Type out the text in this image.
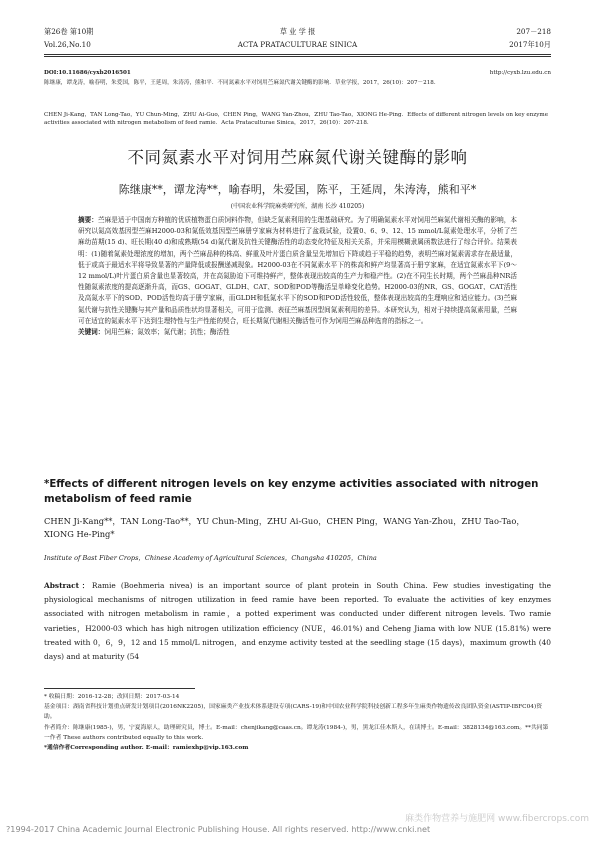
第26卷 第10期	草 业 学 报	207－218
Vol.26,No.10	ACTA PRATACULTURAE SINICA	2017年10月
DOI:10.11686/cyxb2016501	http://cyxb.lzu.edu.cn
陈继康，谭龙涛，喻春明，朱爱国，陈平，王延周，朱涛涛，熊和平．不同氮素水平对饲用苎麻氮代谢关键酶的影响．草业学报，2017，26(10)：207－218.
CHEN Ji-Kang，TAN Long-Tao，YU Chun-Ming，ZHU Ai-Guo，CHEN Ping，WANG Yan-Zhou，ZHU Tao-Tao，XIONG He-Ping．Effects of different nitrogen levels on key enzyme activities associated with nitrogen metabolism of feed ramie．Acta Prataculturae Sinica，2017，26(10)：207-218.
不同氮素水平对饲用苎麻氮代谢关键酶的影响
陈继康**，谭龙涛**，喻春明，朱爱国，陈平，王延周，朱涛涛，熊和平*
(中国农业科学院麻类研究所，湖南 长沙 410205)
摘要：苎麻是适于中国南方种植的优质植物蛋白质饲料作物，但缺乏氮素利用的生理基础研究。为了明确氮素水平对饲用苎麻氮代谢相关酶的影响，本研究以氮高效基因型苎麻H2000-03和氮低效基因型苎麻册亨家麻为材料进行了盆栽试验，设置0、6、9、12、15 mmol/L氮素处理水平，分析了苎麻幼苗期(15 d)、旺长期(40 d)和成熟期(54 d)氮代谢及抗性关键酶活性的动态变化特征及相关关系，并采用模糊隶属函数法进行了综合评价。结果表明：(1)随着氮素处理浓度的增加，两个苎麻品种的株高、鲜重及叶片蛋白质含量呈先增加后下降或趋于平稳的趋势，表明苎麻对氮素需求存在最适量，低于或高于最适水平将导致显著的产量降低或报酬递减现象。H2000-03在不同氮素水平下的株高和鲜产均显著高于册亨家麻，在适宜氮素水平下(9～12 mmol/L)叶片蛋白质含量也显著较高，并在高氮胁迫下可维持鲜产，整体表现出较高的生产力和稳产性。(2)在不同生长时期，两个苎麻品种NR活性随氮素浓度的提高逐渐升高，而GS、GOGAT、GLDH、CAT、SOD和POD等酶活呈单峰变化趋势。H2000-03的NR、GS、GOGAT、CAT活性及高氮水平下的SOD、POD活性均高于册亨家麻，而GLDH和低氮水平下的SOD和POD活性较低，整体表现出较高的生理响应和适应能力。(3)苎麻氮代谢与抗性关键酶与其产量和品质性状均显著相关，可用于监测、表征苎麻基因型间氮素利用的差异。本研究认为，相对于持续提高氮素用量，苎麻可在适宜的氮素水平下达到生理特性与生产性能的契合，旺长期氮代谢相关酶活性可作为饲用苎麻品种选育的指标之一。
关键词：饲用苎麻；氮效率；氮代谢；抗性；酶活性
*Effects of different nitrogen levels on key enzyme activities associated with nitrogen metabolism of feed ramie
CHEN Ji-Kang**，TAN Long-Tao**，YU Chun-Ming，ZHU Ai-Guo，CHEN Ping，WANG Yan-Zhou，ZHU Tao-Tao，XIONG He-Ping*
Institute of Bast Fiber Crops，Chinese Academy of Agricultural Sciences，Changsha 410205，China
Abstract：Ramie (Boehmeria nivea) is an important source of plant protein in South China. Few studies investigating the physiological mechanisms of nitrogen utilization in feed ramie have been reported. To evaluate the activities of key enzymes associated with nitrogen metabolism in ramie，a potted experiment was conducted under different nitrogen levels. Two ramie varieties，H2000-03 which has high nitrogen utilization efficiency (NUE，46.01%) and Ceheng Jiama with low NUE (15.81%) were treated with 0，6，9，12 and 15 mmol/L nitrogen，and enzyme activity tested at the seedling stage (15 days)，maximum growth (40 days) and at maturity (54
* 收稿日期：2016-12-28；改回日期：2017-03-14
基金项目：湖南省科技计划重点研发计划项目(2016NK2205)，国家麻类产业技术体系建设专项(CARS-19)和中国农业科学院科技创新工程多年生麻类作物遗传改良团队资金(ASTIP-IBFC04)资助。
作者简介：陈继康(1985-)，男，宁夏海原人，助理研究员，博士。E-mail：chenjikang@caas.cn。谭龙涛(1984-)，男，黑龙江佳木斯人，在读博士。E-mail：3828134@163.com。**共同第一作者 These authors contributed equally to this work.
*通信作者Corresponding author. E-mail：ramiexhp@vip.163.com
?1994-2017 China Academic Journal Electronic Publishing House. All rights reserved. http://www.cnki.net
麻类作物营养与施肥网 www.fibercrops.com
